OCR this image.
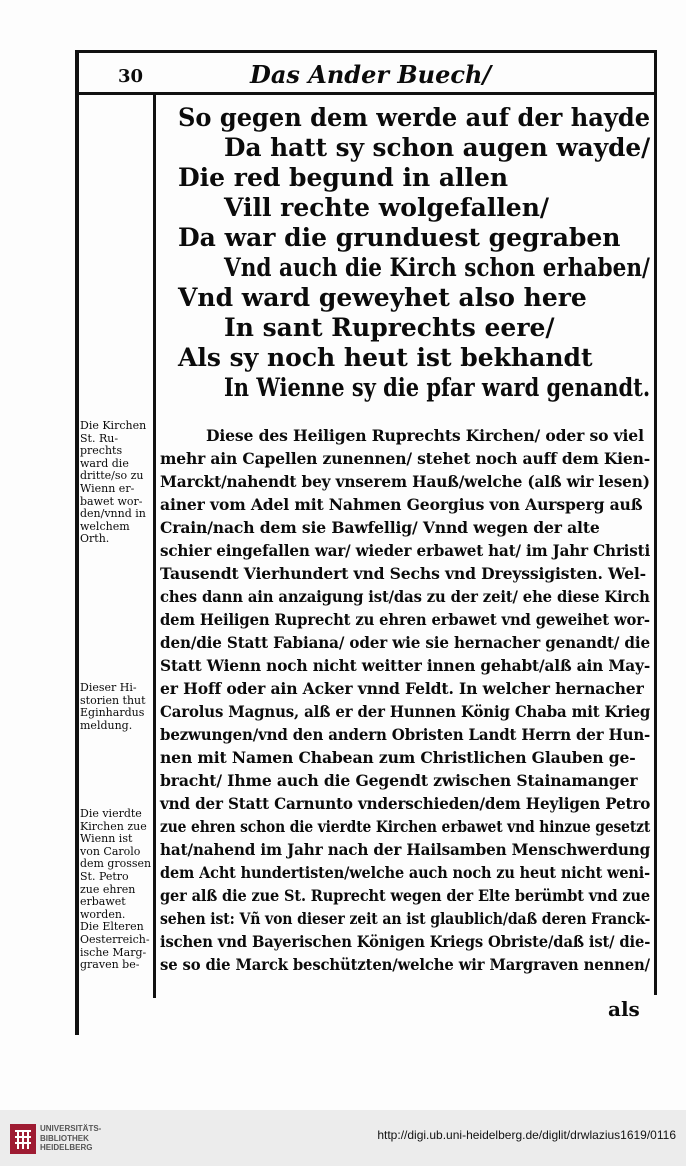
30	Das Ander Buech/
So gegen dem werde auf der hayde
Da hatt sy schon augen wayde/
Die red begund in allen
Vill rechte wolgefallen/
Da war die grunduest gegraben
Vnd auch die Kirch schon erhaben/
Vnd ward geweyhet also here
In sant Ruprechts eere/
Als sy noch heut ist bekhandt
In Wienne sy die pfar ward genandt.
Diese des Heiligen Ruprechts Kirchen/ oder so viel
mehr ain Capellen zunennen/ stehet noch auff dem Kien-
Marckt/nahendt bey vnserem Hauß/welche (alß wir lesen)
ainer vom Adel mit Nahmen Georgius von Aursperg auß
Crain/nach dem sie Bawfellig/ Vnnd wegen der alte
schier eingefallen war/ wieder erbawet hat/ im Jahr Christi
Tausendt Vierhundert vnd Sechs vnd Dreyssigisten. Wel-
ches dann ain anzaigung ist/das zu der zeit/ ehe diese Kirch
dem Heiligen Ruprecht zu ehren erbawet vnd geweihet wor-
den/die Statt Fabiana/ oder wie sie hernacher genandt/ die
Statt Wienn noch nicht weitter innen gehabt/alß ain May-
er Hoff oder ain Acker vnnd Feldt. In welcher hernacher
Carolus Magnus, alß er der Hunnen König Chaba mit Krieg
bezwungen/vnd den andern Obristen Landt Herrn der Hun-
nen mit Namen Chabean zum Christlichen Glauben ge-
bracht/ Ihme auch die Gegendt zwischen Stainamanger
vnd der Statt Carnunto vnderschieden/dem Heyligen Petro
zue ehren schon die vierdte Kirchen erbawet vnd hinzue gesetzt
hat/nahend im Jahr nach der Hailsamben Menschwerdung
dem Acht hundertisten/welche auch noch zu heut nicht weni-
ger alß die zue St. Ruprecht wegen der Elte berümbt vnd zue
sehen ist: Vñ von dieser zeit an ist glaublich/daß deren Franck-
ischen vnd Bayerischen Königen Kriegs Obriste/daß ist/ die-
se so die Marck beschützten/welche wir Margraven nennen/
Die Kirchen
St. Ru-
prechts
ward die
dritte/so zu
Wienn er-
bawet wor-
den/vnnd in
welchem
Orth.
Dieser Hi-
storien thut
Eginhardus
meldung.
Die vierdte
Kirchen zue
Wienn ist
von Carolo
dem grossen
St. Petro
zue ehren
erbawet
worden.
Die Elteren
Oesterreich-
ische Marg-
graven be-
als
UNIVERSITÄTS-
BIBLIOTHEK
HEIDELBERG
http://digi.ub.uni-heidelberg.de/diglit/drwlazius1619/0116
